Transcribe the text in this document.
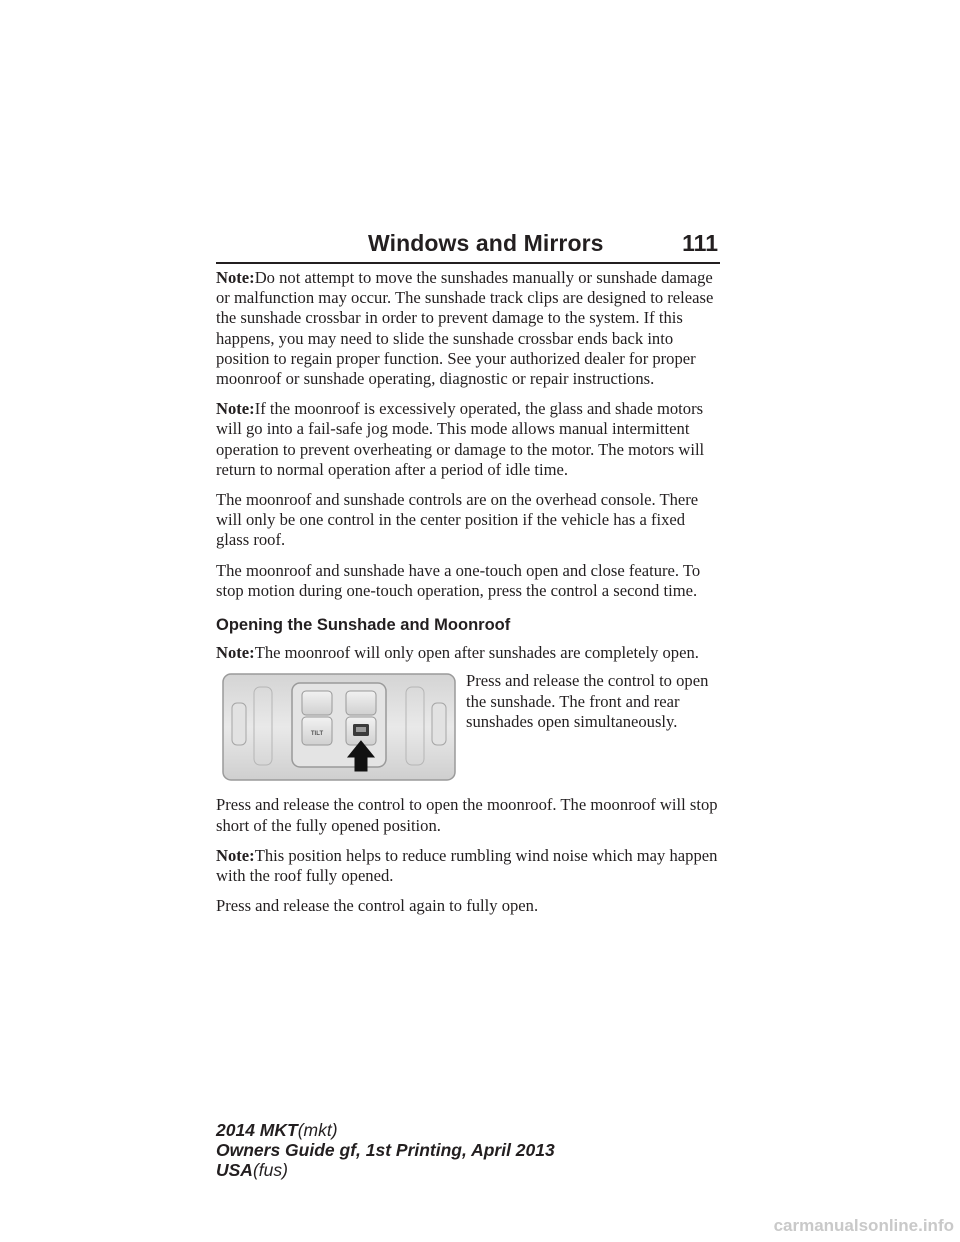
Windows and Mirrors	111

Note:Do not attempt to move the sunshades manually or sunshade damage or malfunction may occur. The sunshade track clips are designed to release the sunshade crossbar in order to prevent damage to the system. If this happens, you may need to slide the sunshade crossbar ends back into position to regain proper function. See your authorized dealer for proper moonroof or sunshade operating, diagnostic or repair instructions.

Note:If the moonroof is excessively operated, the glass and shade motors will go into a fail-safe jog mode. This mode allows manual intermittent operation to prevent overheating or damage to the motor. The motors will return to normal operation after a period of idle time.

The moonroof and sunshade controls are on the overhead console. There will only be one control in the center position if the vehicle has a fixed glass roof.

The moonroof and sunshade have a one-touch open and close feature. To stop motion during one-touch operation, press the control a second time.

Opening the Sunshade and Moonroof

Note:The moonroof will only open after sunshades are completely open.

TILT
Press and release the control to open the sunshade. The front and rear sunshades open simultaneously.

Press and release the control to open the moonroof. The moonroof will stop short of the fully opened position.

Note:This position helps to reduce rumbling wind noise which may happen with the roof fully opened.

Press and release the control again to fully open.

2014 MKT(mkt)
Owners Guide gf, 1st Printing, April 2013
USA(fus)
carmanualsonline.info
